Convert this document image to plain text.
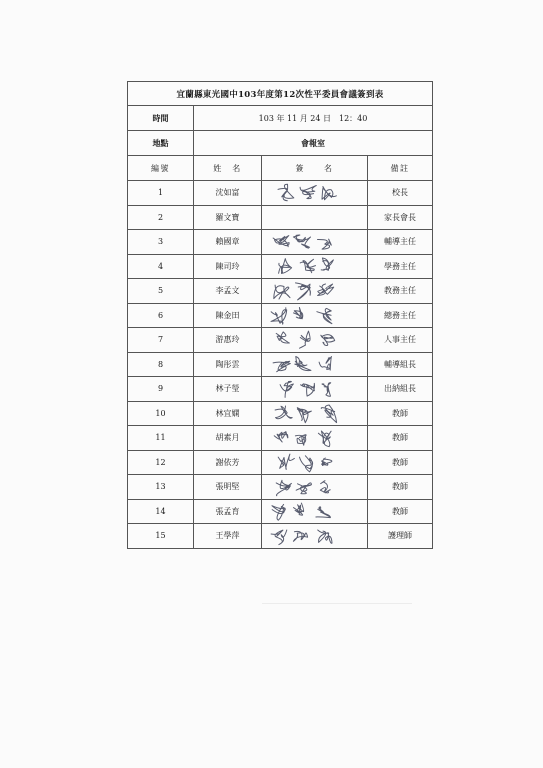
宜蘭縣東光國中103年度第12次性平委員會議簽到表			
時間	103 年 11 月 24 日　12：40		
地點	會報室		
編號	姓　名	簽　　名	備註
1	沈如富		校長
2	羅文寶		家長會長
3	賴國章		輔導主任
4	陳司玲		學務主任
5	李孟文		教務主任
6	陳金田		總務主任
7	游惠玲		人事主任
8	陶彤雲		輔導組長
9	林子瑩		出納組長
10	林宜嫻		教師
11	胡素月		教師
12	謝依芳		教師
13	張明堅		教師
14	張孟育		教師
15	王學萍		護理師
